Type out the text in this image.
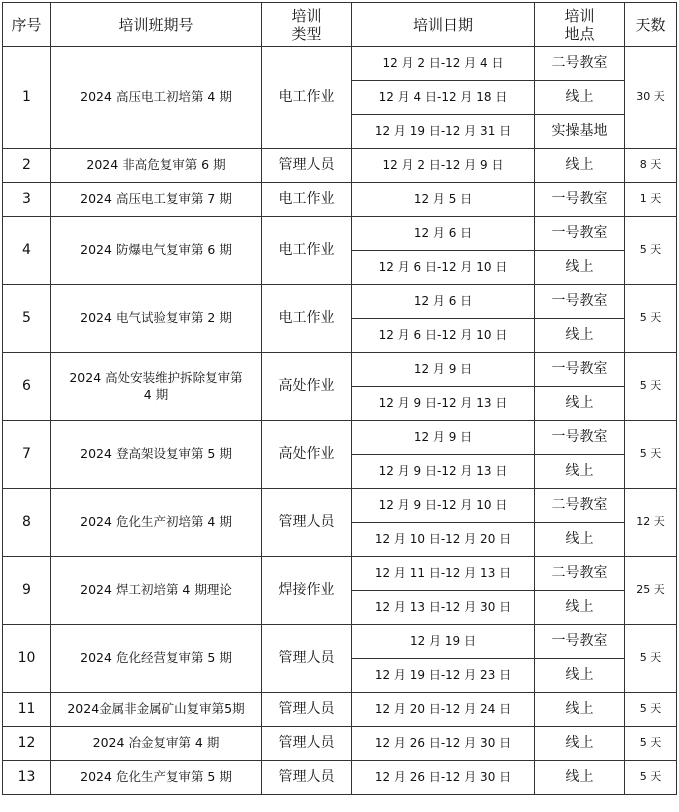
序号	培训班期号	培训类型	培训日期	培训地点	天数
1	2024 高压电工初培第 4 期	电工作业	12 月 2 日-12 月 4 日	二号教室	30 天
			12 月 4 日-12 月 18 日	线上	
			12 月 19 日-12 月 31 日	实操基地	
2	2024 非高危复审第 6 期	管理人员	12 月 2 日-12 月 9 日	线上	8 天
3	2024 高压电工复审第 7 期	电工作业	12 月 5 日	一号教室	1 天
4	2024 防爆电气复审第 6 期	电工作业	12 月 6 日	一号教室	5 天
			12 月 6 日-12 月 10 日	线上	
5	2024 电气试验复审第 2 期	电工作业	12 月 6 日	一号教室	5 天
			12 月 6 日-12 月 10 日	线上	
6	2024 高处安装维护拆除复审第 4 期	高处作业	12 月 9 日	一号教室	5 天
			12 月 9 日-12 月 13 日	线上	
7	2024 登高架设复审第 5 期	高处作业	12 月 9 日	一号教室	5 天
			12 月 9 日-12 月 13 日	线上	
8	2024 危化生产初培第 4 期	管理人员	12 月 9 日-12 月 10 日	二号教室	12 天
			12 月 10 日-12 月 20 日	线上	
9	2024 焊工初培第 4 期理论	焊接作业	12 月 11 日-12 月 13 日	二号教室	25 天
			12 月 13 日-12 月 30 日	线上	
10	2024 危化经营复审第 5 期	管理人员	12 月 19 日	一号教室	5 天
			12 月 19 日-12 月 23 日	线上	
11	2024金属非金属矿山复审第5期	管理人员	12 月 20 日-12 月 24 日	线上	5 天
12	2024 冶金复审第 4 期	管理人员	12 月 26 日-12 月 30 日	线上	5 天
13	2024 危化生产复审第 5 期	管理人员	12 月 26 日-12 月 30 日	线上	5 天
